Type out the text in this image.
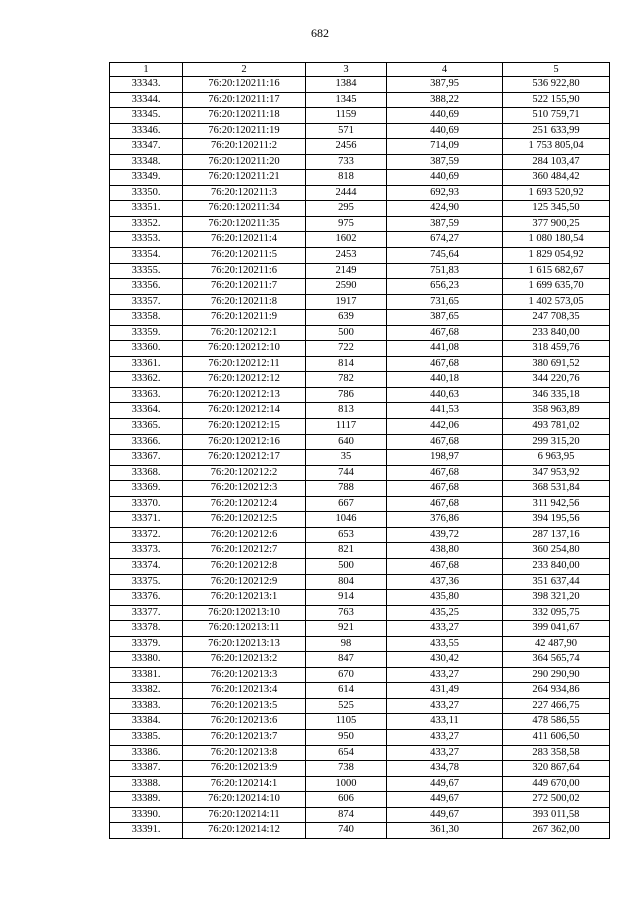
682
1	2	3	4	5
33343.	76:20:120211:16	1384	387,95	536 922,80
33344.	76:20:120211:17	1345	388,22	522 155,90
33345.	76:20:120211:18	1159	440,69	510 759,71
33346.	76:20:120211:19	571	440,69	251 633,99
33347.	76:20:120211:2	2456	714,09	1 753 805,04
33348.	76:20:120211:20	733	387,59	284 103,47
33349.	76:20:120211:21	818	440,69	360 484,42
33350.	76:20:120211:3	2444	692,93	1 693 520,92
33351.	76:20:120211:34	295	424,90	125 345,50
33352.	76:20:120211:35	975	387,59	377 900,25
33353.	76:20:120211:4	1602	674,27	1 080 180,54
33354.	76:20:120211:5	2453	745,64	1 829 054,92
33355.	76:20:120211:6	2149	751,83	1 615 682,67
33356.	76:20:120211:7	2590	656,23	1 699 635,70
33357.	76:20:120211:8	1917	731,65	1 402 573,05
33358.	76:20:120211:9	639	387,65	247 708,35
33359.	76:20:120212:1	500	467,68	233 840,00
33360.	76:20:120212:10	722	441,08	318 459,76
33361.	76:20:120212:11	814	467,68	380 691,52
33362.	76:20:120212:12	782	440,18	344 220,76
33363.	76:20:120212:13	786	440,63	346 335,18
33364.	76:20:120212:14	813	441,53	358 963,89
33365.	76:20:120212:15	1117	442,06	493 781,02
33366.	76:20:120212:16	640	467,68	299 315,20
33367.	76:20:120212:17	35	198,97	6 963,95
33368.	76:20:120212:2	744	467,68	347 953,92
33369.	76:20:120212:3	788	467,68	368 531,84
33370.	76:20:120212:4	667	467,68	311 942,56
33371.	76:20:120212:5	1046	376,86	394 195,56
33372.	76:20:120212:6	653	439,72	287 137,16
33373.	76:20:120212:7	821	438,80	360 254,80
33374.	76:20:120212:8	500	467,68	233 840,00
33375.	76:20:120212:9	804	437,36	351 637,44
33376.	76:20:120213:1	914	435,80	398 321,20
33377.	76:20:120213:10	763	435,25	332 095,75
33378.	76:20:120213:11	921	433,27	399 041,67
33379.	76:20:120213:13	98	433,55	42 487,90
33380.	76:20:120213:2	847	430,42	364 565,74
33381.	76:20:120213:3	670	433,27	290 290,90
33382.	76:20:120213:4	614	431,49	264 934,86
33383.	76:20:120213:5	525	433,27	227 466,75
33384.	76:20:120213:6	1105	433,11	478 586,55
33385.	76:20:120213:7	950	433,27	411 606,50
33386.	76:20:120213:8	654	433,27	283 358,58
33387.	76:20:120213:9	738	434,78	320 867,64
33388.	76:20:120214:1	1000	449,67	449 670,00
33389.	76:20:120214:10	606	449,67	272 500,02
33390.	76:20:120214:11	874	449,67	393 011,58
33391.	76:20:120214:12	740	361,30	267 362,00
